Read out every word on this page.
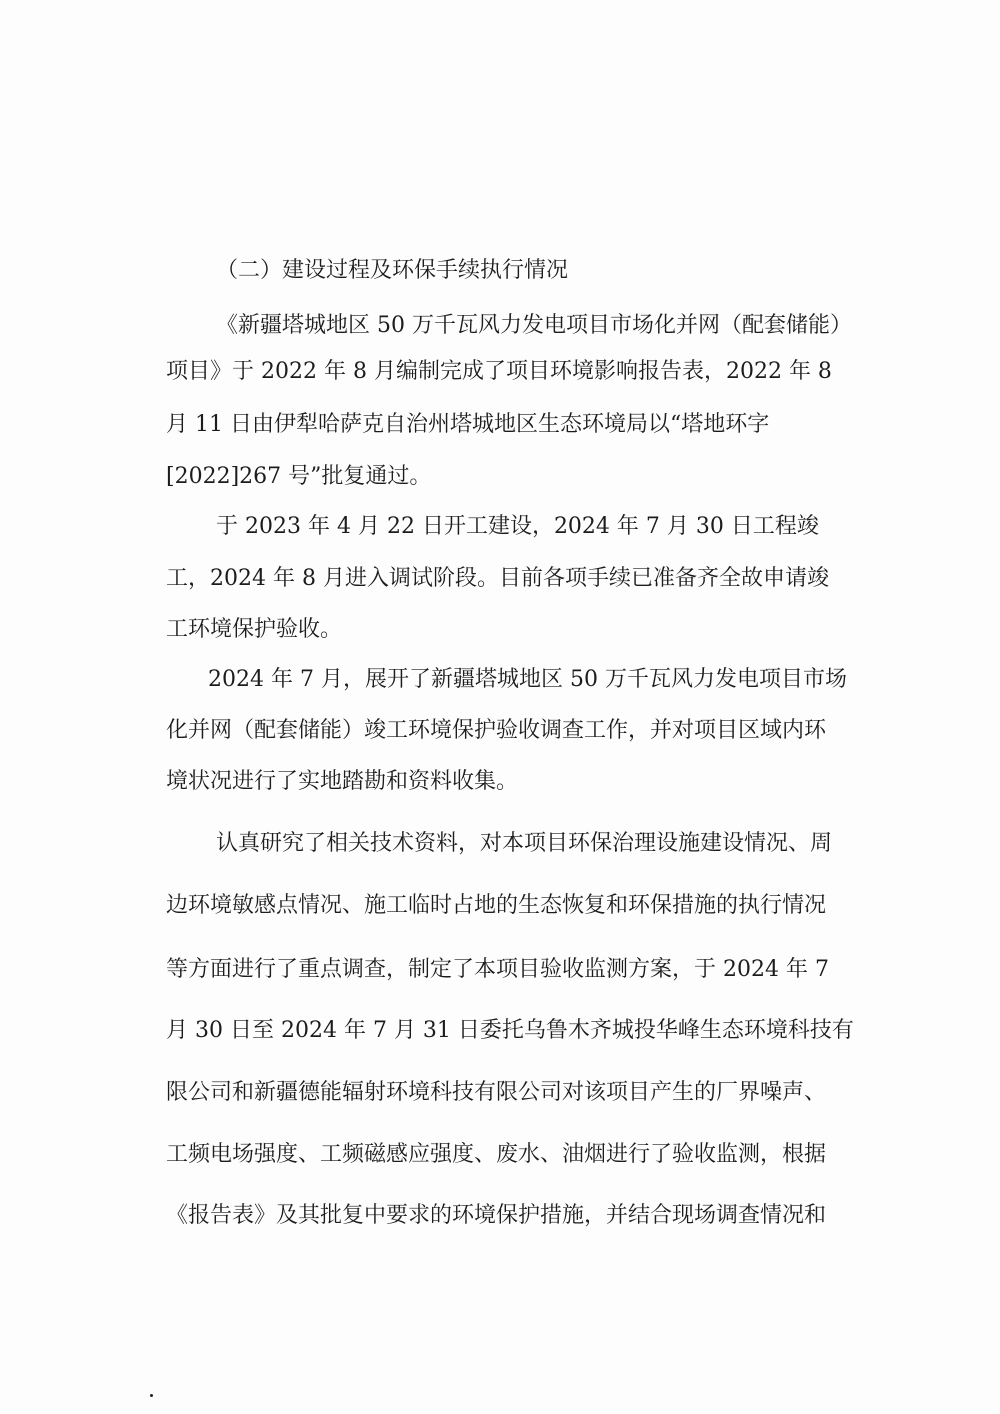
（二）建设过程及环保手续执行情况
《新疆塔城地区 50 万千瓦风力发电项目市场化并网（配套储能）
项目》于 2022 年 8 月编制完成了项目环境影响报告表，2022 年 8
月 11 日由伊犁哈萨克自治州塔城地区生态环境局以“塔地环字
[2022]267 号”批复通过。
于 2023 年 4 月 22 日开工建设，2024 年 7 月 30 日工程竣
工，2024 年 8 月进入调试阶段。目前各项手续已准备齐全故申请竣
工环境保护验收。
2024 年 7 月，展开了新疆塔城地区 50 万千瓦风力发电项目市场
化并网（配套储能）竣工环境保护验收调查工作，并对项目区域内环
境状况进行了实地踏勘和资料收集。
认真研究了相关技术资料，对本项目环保治理设施建设情况、周
边环境敏感点情况、施工临时占地的生态恢复和环保措施的执行情况
等方面进行了重点调查，制定了本项目验收监测方案，于 2024 年 7
月 30 日至 2024 年 7 月 31 日委托乌鲁木齐城投华峰生态环境科技有
限公司和新疆德能辐射环境科技有限公司对该项目产生的厂界噪声、
工频电场强度、工频磁感应强度、废水、油烟进行了验收监测，根据
《报告表》及其批复中要求的环境保护措施，并结合现场调查情况和
